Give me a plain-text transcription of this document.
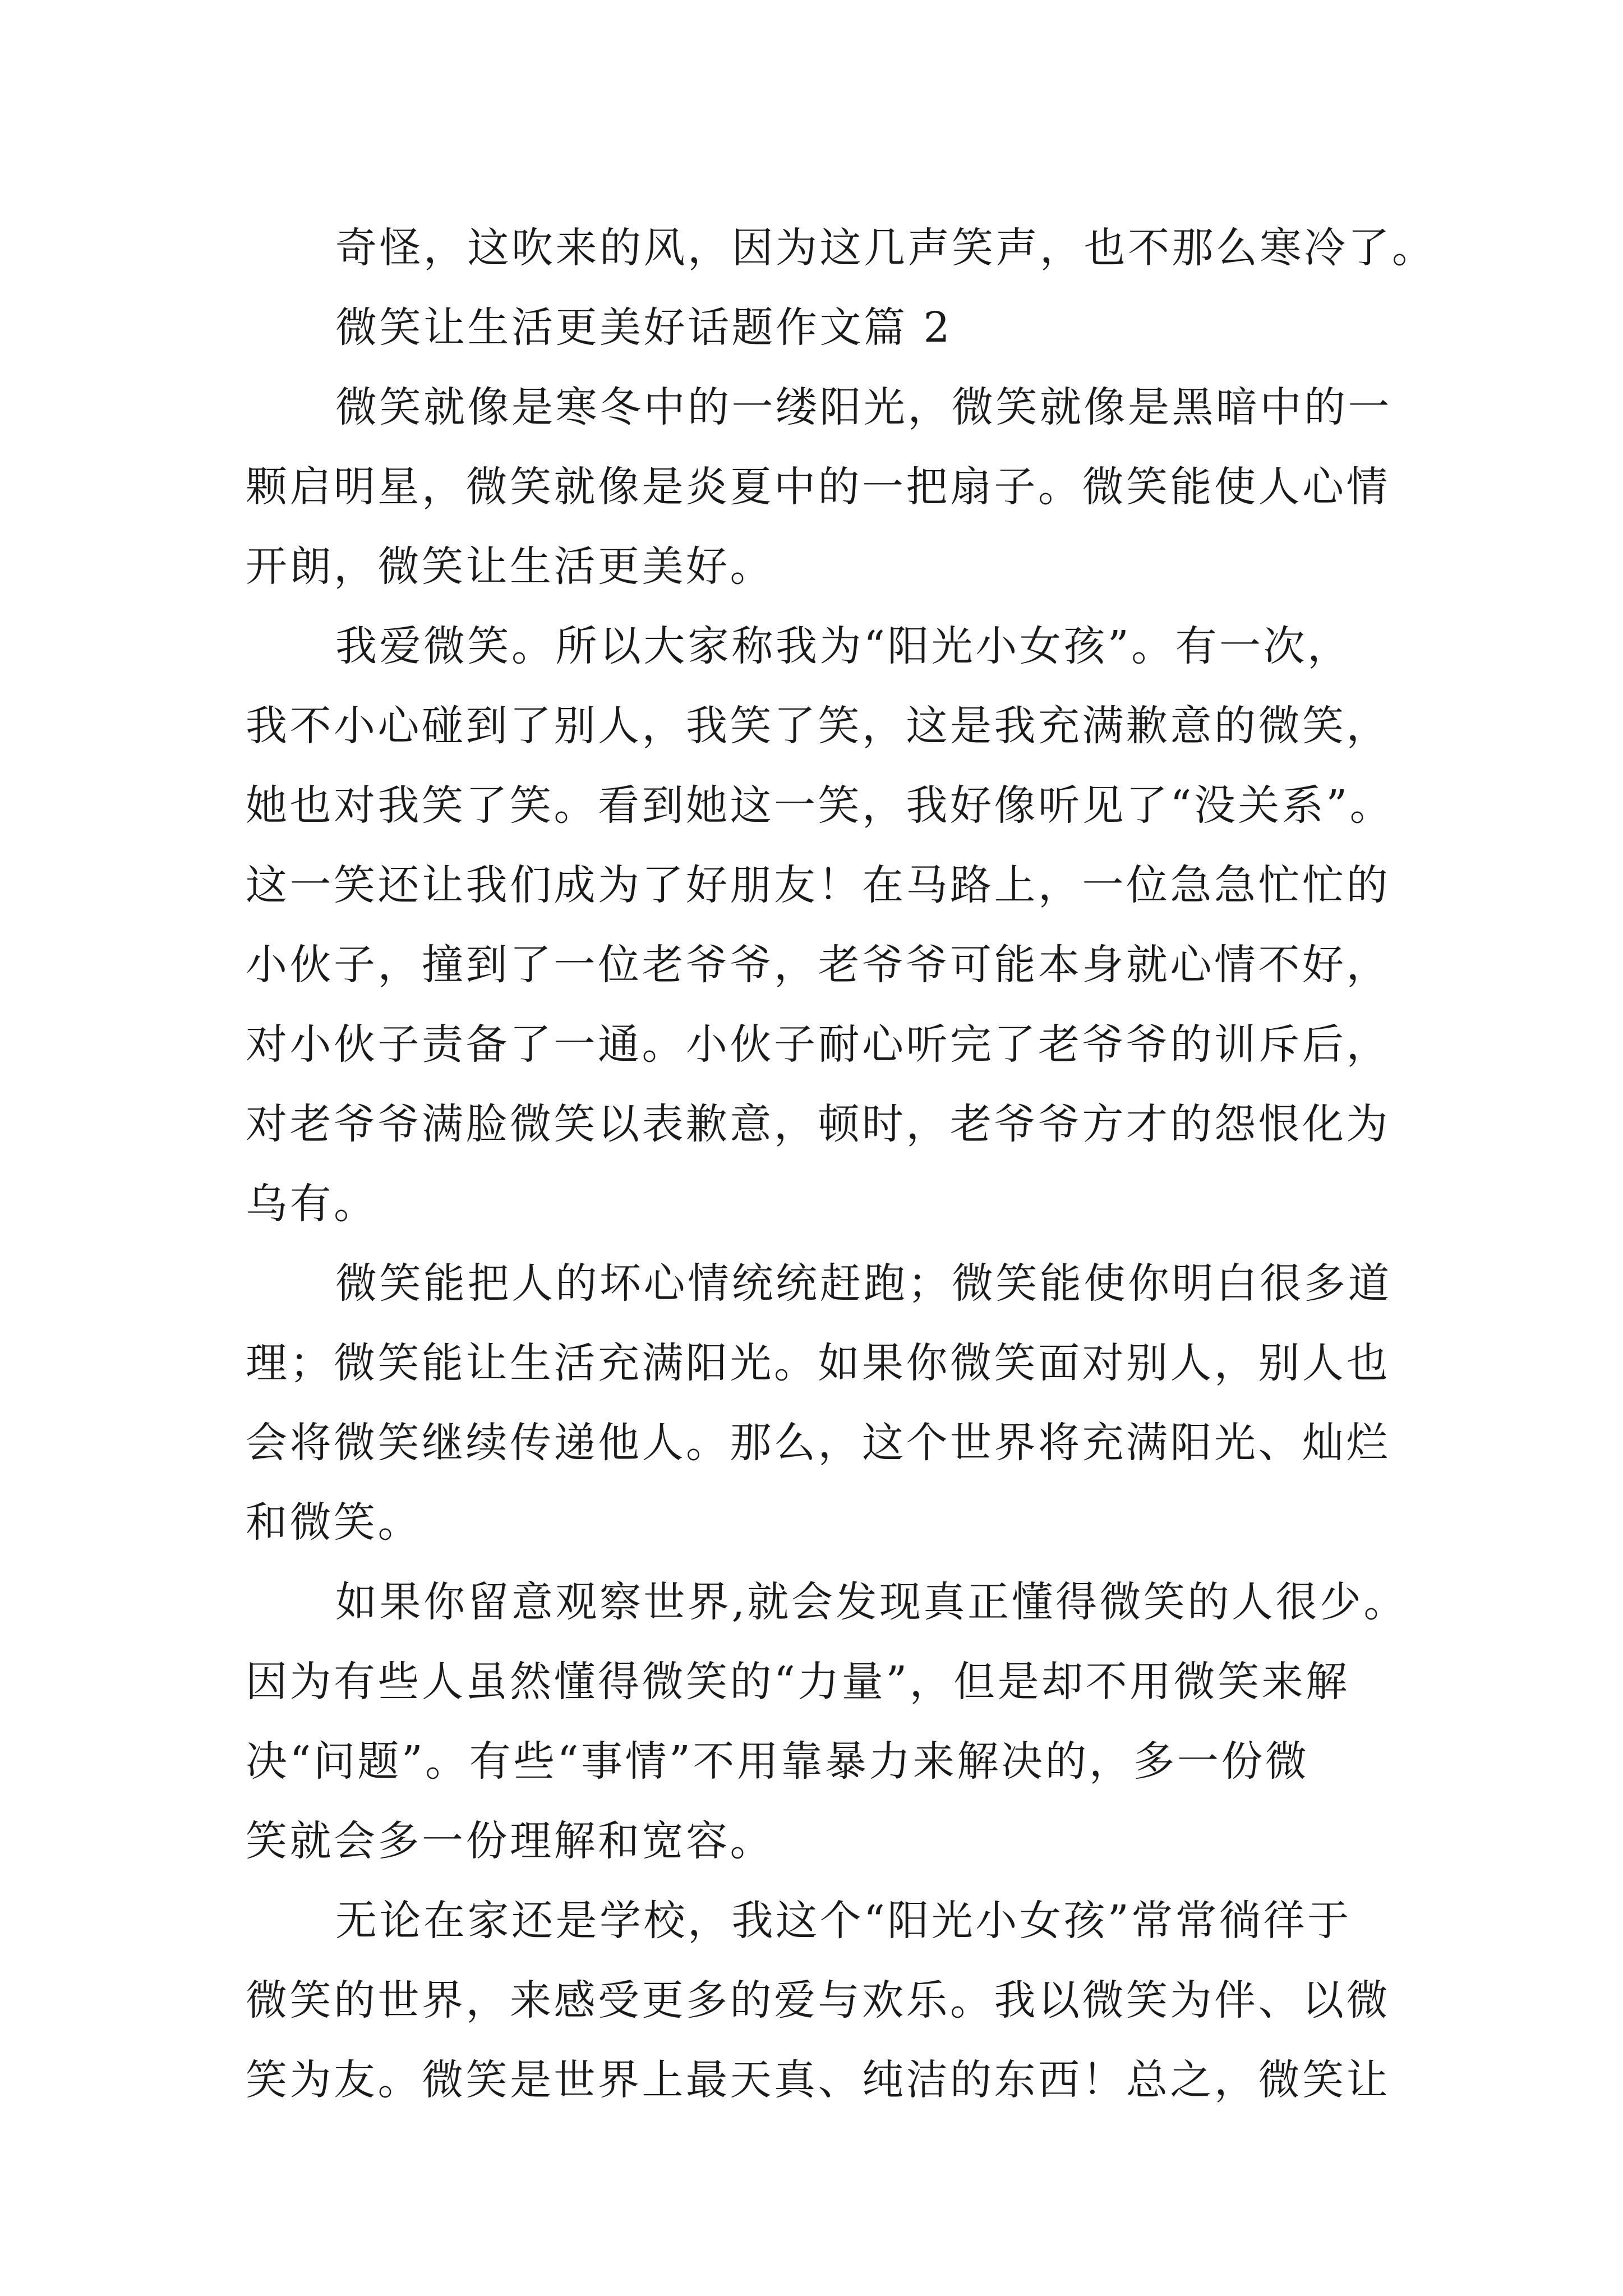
奇怪，这吹来的风，因为这几声笑声，也不那么寒冷了。
微笑让生活更美好话题作文篇 2
微笑就像是寒冬中的一缕阳光，微笑就像是黑暗中的一
颗启明星，微笑就像是炎夏中的一把扇子。微笑能使人心情
开朗，微笑让生活更美好。
我爱微笑。所以大家称我为“阳光小女孩”。有一次，
我不小心碰到了别人，我笑了笑，这是我充满歉意的微笑，
她也对我笑了笑。看到她这一笑，我好像听见了“没关系”。
这一笑还让我们成为了好朋友！在马路上，一位急急忙忙的
小伙子，撞到了一位老爷爷，老爷爷可能本身就心情不好，
对小伙子责备了一通。小伙子耐心听完了老爷爷的训斥后，
对老爷爷满脸微笑以表歉意，顿时，老爷爷方才的怨恨化为
乌有。
微笑能把人的坏心情统统赶跑；微笑能使你明白很多道
理；微笑能让生活充满阳光。如果你微笑面对别人，别人也
会将微笑继续传递他人。那么，这个世界将充满阳光、灿烂
和微笑。
如果你留意观察世界,就会发现真正懂得微笑的人很少。
因为有些人虽然懂得微笑的“力量”，但是却不用微笑来解
决“问题”。有些“事情”不用靠暴力来解决的，多一份微
笑就会多一份理解和宽容。
无论在家还是学校，我这个“阳光小女孩”常常徜徉于
微笑的世界，来感受更多的爱与欢乐。我以微笑为伴、以微
笑为友。微笑是世界上最天真、纯洁的东西！总之，微笑让
